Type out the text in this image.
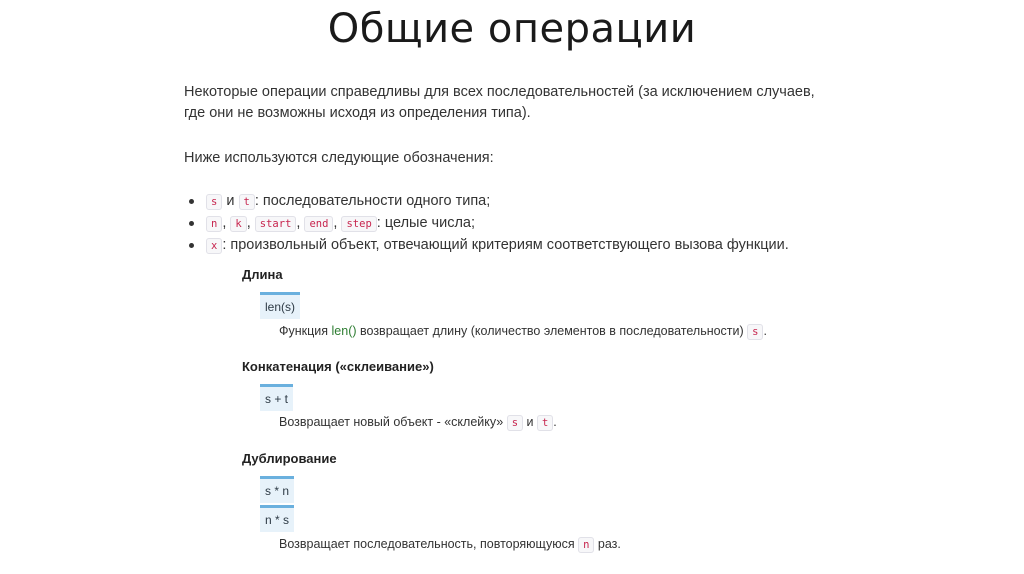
Общие операции
Некоторые операции справедливы для всех последовательностей (за исключением случаев,
где они не возможны исходя из определения типа).
Ниже используются следующие обозначения:
s и t : последовательности одного типа;
n , k , start , end , step : целые числа;
x : произвольный объект, отвечающий критериям соответствующего вызова функции.
Длина
len(s)
Функция len() возвращает длину (количество элементов в последовательности) s .
Конкатенация («склеивание»)
s + t
Возвращает новый объект - «склейку» s и t .
Дублирование
s * n
n * s
Возвращает последовательность, повторяющуюся n раз.
